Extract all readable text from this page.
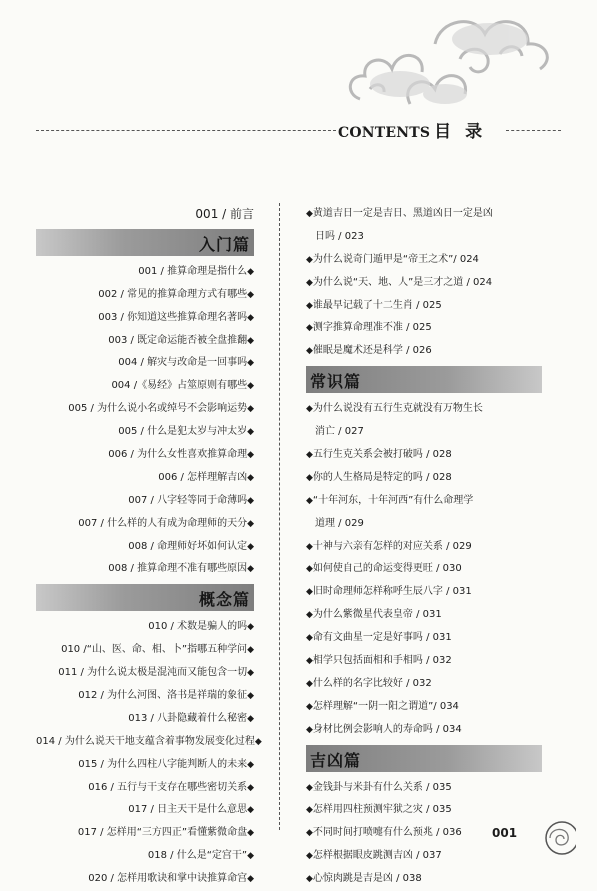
CONTENTS 目录
001 / 前言
入门篇
001 / 推算命理是指什么◆
002 / 常见的推算命理方式有哪些◆
003 / 你知道这些推算命理名著吗◆
003 / 既定命运能否被全盘推翻◆
004 / 解灾与改命是一回事吗◆
004 /《易经》占筮原则有哪些◆
005 / 为什么说小名或绰号不会影响运势◆
005 / 什么是犯太岁与冲太岁◆
006 / 为什么女性喜欢推算命理◆
006 / 怎样理解吉凶◆
007 / 八字轻等同于命薄吗◆
007 / 什么样的人有成为命理师的天分◆
008 / 命理师好坏如何认定◆
008 / 推算命理不准有哪些原因◆
概念篇
010 / 术数是骗人的吗◆
010 /“山、医、命、相、卜”指哪五种学问◆
011 / 为什么说太极是混沌而又能包含一切◆
012 / 为什么河图、洛书是祥瑞的象征◆
013 / 八卦隐藏着什么秘密◆
014 / 为什么说天干地支蕴含着事物发展变化过程◆
015 / 为什么四柱八字能判断人的未来◆
016 / 五行与干支存在哪些密切关系◆
017 / 日主天干是什么意思◆
017 / 怎样用“三方四正”看懂紫微命盘◆
018 / 什么是“定宫干”◆
020 / 怎样用歌诀和掌中诀推算命宫◆
◆黄道吉日一定是吉日、黑道凶日一定是凶
日吗 / 023
◆为什么说奇门遁甲是“帝王之术”/ 024
◆为什么说“天、地、人”是三才之道 / 024
◆谁最早记载了十二生肖 / 025
◆测字推算命理准不准 / 025
◆催眠是魔术还是科学 / 026
常识篇
◆为什么说没有五行生克就没有万物生长
消亡 / 027
◆五行生克关系会被打破吗 / 028
◆你的人生格局是特定的吗 / 028
◆“十年河东，十年河西”有什么命理学
道理 / 029
◆十神与六亲有怎样的对应关系 / 029
◆如何使自己的命运变得更旺 / 030
◆旧时命理师怎样称呼生辰八字 / 031
◆为什么紫微星代表皇帝 / 031
◆命有文曲星一定是好事吗 / 031
◆相学只包括面相和手相吗 / 032
◆什么样的名字比较好 / 032
◆怎样理解“一阴一阳之谓道”/ 034
◆身材比例会影响人的寿命吗 / 034
吉凶篇
◆金钱卦与米卦有什么关系 / 035
◆怎样用四柱预测牢狱之灾 / 035
◆不同时间打喷嚏有什么预兆 / 036
◆怎样根据眼皮跳测吉凶 / 037
◆心惊肉跳是吉是凶 / 038
001
